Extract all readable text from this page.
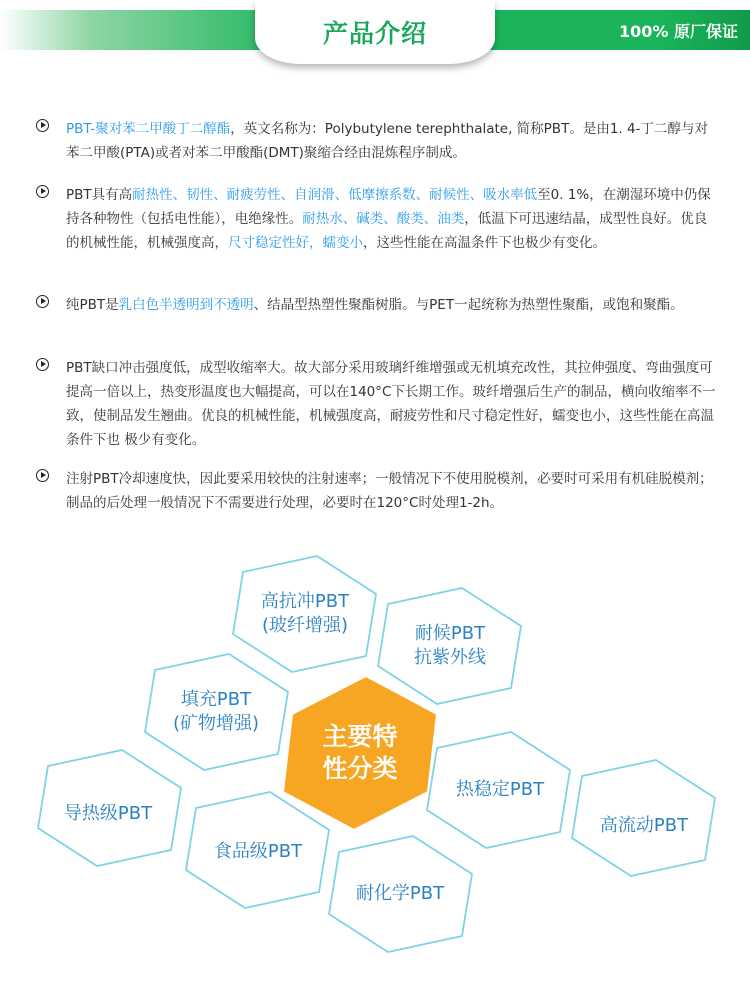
产品介绍	100% 原厂保证
PBT-聚对苯二甲酸丁二醇酯，英文名称为：Polybutylene terephthalate, 简称PBT。是由1. 4-丁二醇与对苯二甲酸(PTA)或者对苯二甲酸酯(DMT)聚缩合经由混炼程序制成。
PBT具有高耐热性、韧性、耐疲劳性、自润滑、低摩擦系数、耐候性、吸水率低至0. 1%，在潮湿环境中仍保持各种物性（包括电性能），电绝缘性。耐热水、碱类、酸类、油类，低温下可迅速结晶，成型性良好。优良的机械性能，机械强度高，尺寸稳定性好，蠕变小，这些性能在高温条件下也极少有变化。
纯PBT是乳白色半透明到不透明、结晶型热塑性聚酯树脂。与PET一起统称为热塑性聚酯，或饱和聚酯。
PBT缺口冲击强度低，成型收缩率大。故大部分采用玻璃纤维增强或无机填充改性，其拉伸强度、弯曲强度可提高一倍以上，热变形温度也大幅提高，可以在140°C下长期工作。玻纤增强后生产的制品，横向收缩率不一致，使制品发生翘曲。优良的机械性能，机械强度高，耐疲劳性和尺寸稳定性好，蠕变也小，这些性能在高温条件下也 极少有变化。
注射PBT冷却速度快，因此要采用较快的注射速率；一般情况下不使用脱模剂，必要时可采用有机硅脱模剂；制品的后处理一般情况下不需要进行处理，必要时在120°C时处理1-2h。
主要特
性分类
高抗冲PBT
(玻纤增强)	耐候PBT
抗紫外线
填充PBT
(矿物增强)
热稳定PBT
导热级PBT
高流动PBT
食品级PBT
耐化学PBT
